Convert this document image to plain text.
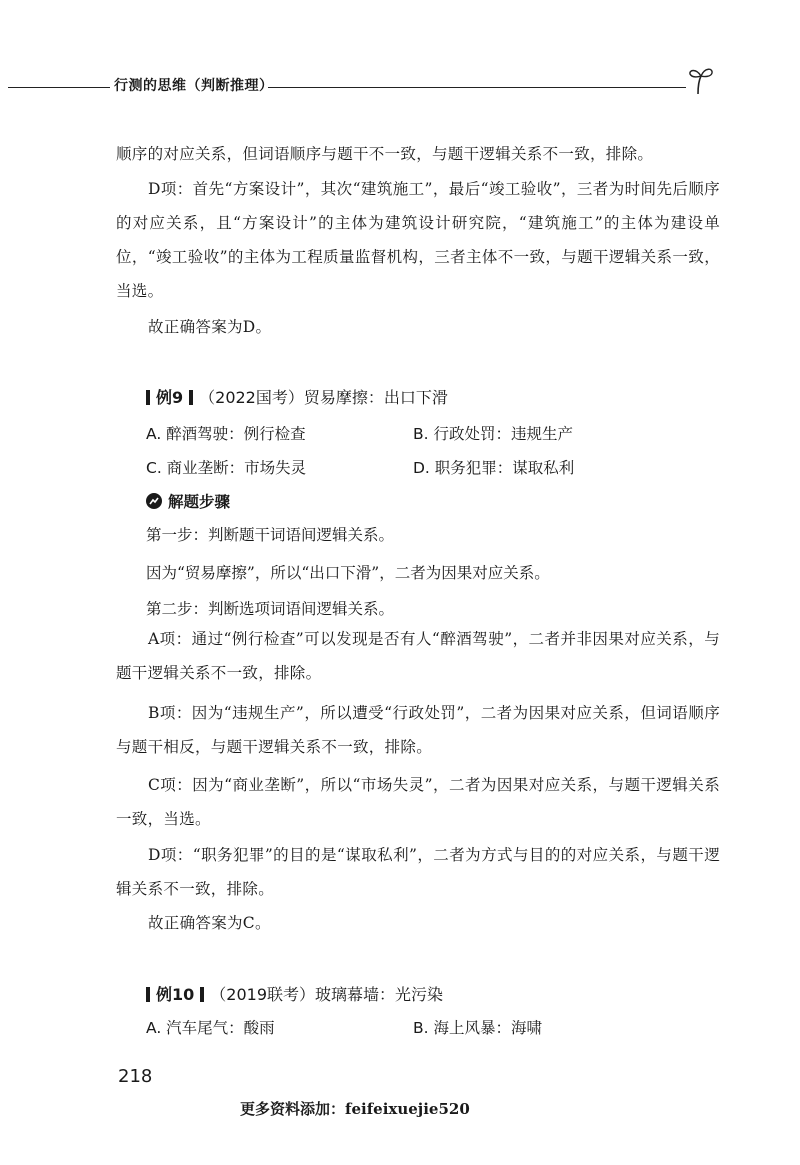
行测的思维（判断推理）
顺序的对应关系，但词语顺序与题干不一致，与题干逻辑关系不一致，排除。
D项：首先“方案设计”，其次“建筑施工”，最后“竣工验收”，三者为时间先后顺序的对应关系，且“方案设计”的主体为建筑设计研究院，“建筑施工”的主体为建设单位，“竣工验收”的主体为工程质量监督机构，三者主体不一致，与题干逻辑关系一致，当选。
故正确答案为D。
例9 （2022国考）贸易摩擦：出口下滑
A. 醉酒驾驶：例行检查	B. 行政处罚：违规生产
C. 商业垄断：市场失灵	D. 职务犯罪：谋取私利
解题步骤
第一步：判断题干词语间逻辑关系。
因为“贸易摩擦”，所以“出口下滑”，二者为因果对应关系。
第二步：判断选项词语间逻辑关系。
A项：通过“例行检查”可以发现是否有人“醉酒驾驶”，二者并非因果对应关系，与题干逻辑关系不一致，排除。
B项：因为“违规生产”，所以遭受“行政处罚”，二者为因果对应关系，但词语顺序与题干相反，与题干逻辑关系不一致，排除。
C项：因为“商业垄断”，所以“市场失灵”，二者为因果对应关系，与题干逻辑关系一致，当选。
D项：“职务犯罪”的目的是“谋取私利”，二者为方式与目的的对应关系，与题干逻辑关系不一致，排除。
故正确答案为C。
例10 （2019联考）玻璃幕墙：光污染
A. 汽车尾气：酸雨	B. 海上风暴：海啸
218
更多资料添加：feifeixuejie520
